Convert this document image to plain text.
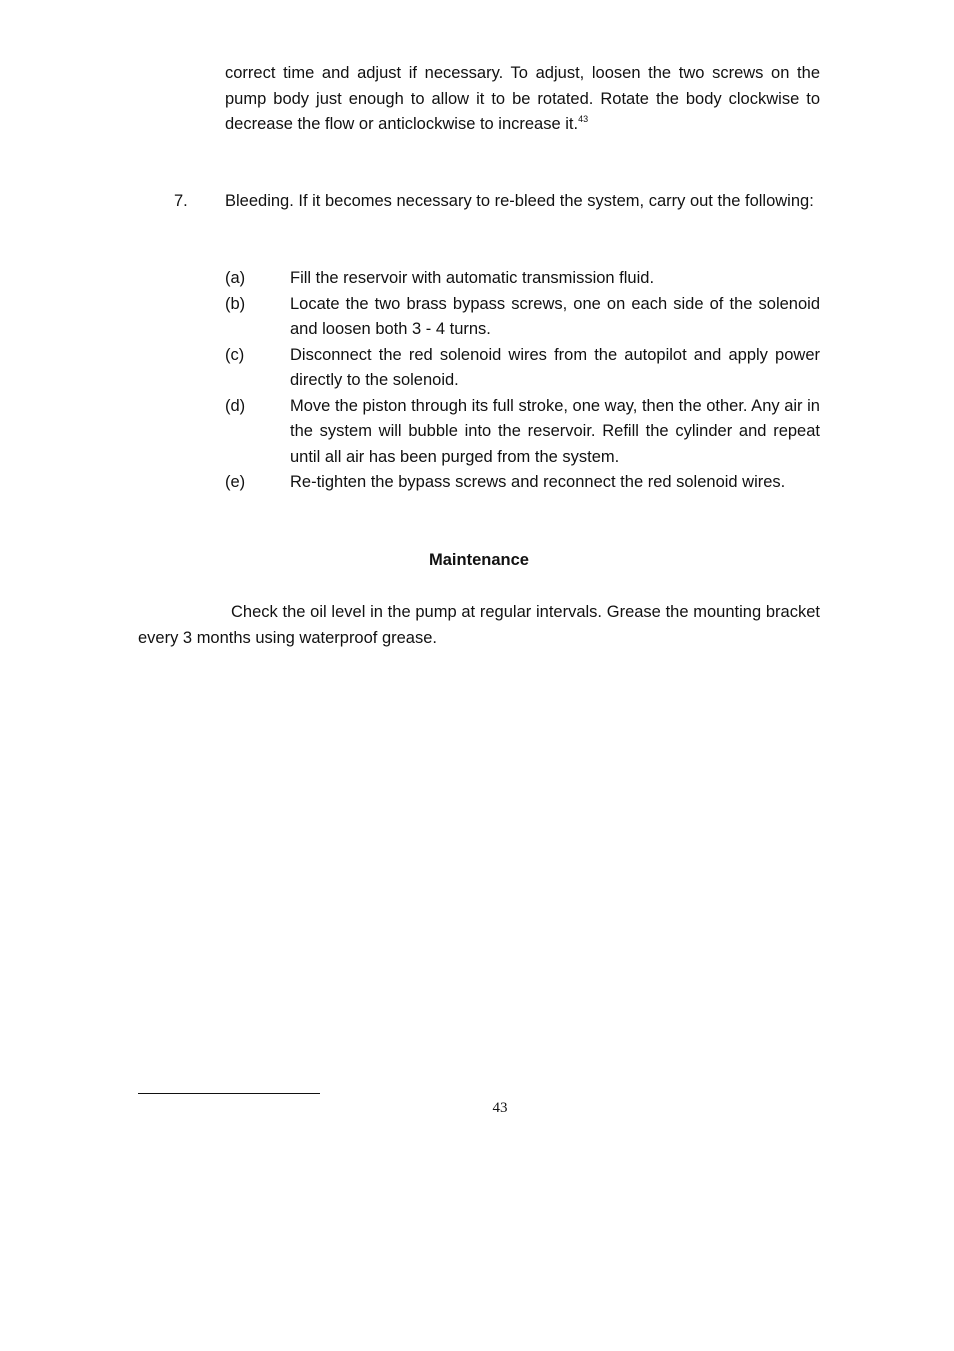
correct time and adjust if necessary. To adjust, loosen the two screws on the pump body just enough to allow it to be rotated. Rotate the body clockwise to decrease the flow or anticlockwise to increase it.$^{43}$
7. Bleeding. If it becomes necessary to re-bleed the system, carry out the following:
(a)	Fill the reservoir with automatic transmission fluid.
(b)	Locate the two brass bypass screws, one on each side of the solenoid and loosen both 3 - 4 turns.
(c)	Disconnect the red solenoid wires from the autopilot and apply power directly to the solenoid.
(d)	Move the piston through its full stroke, one way, then the other. Any air in the system will bubble into the reservoir. Refill the cylinder and repeat until all air has been purged from the system.
(e)	Re-tighten the bypass screws and reconnect the red solenoid wires.
Maintenance
Check the oil level in the pump at regular intervals. Grease the mounting bracket every 3 months using waterproof grease.
43
